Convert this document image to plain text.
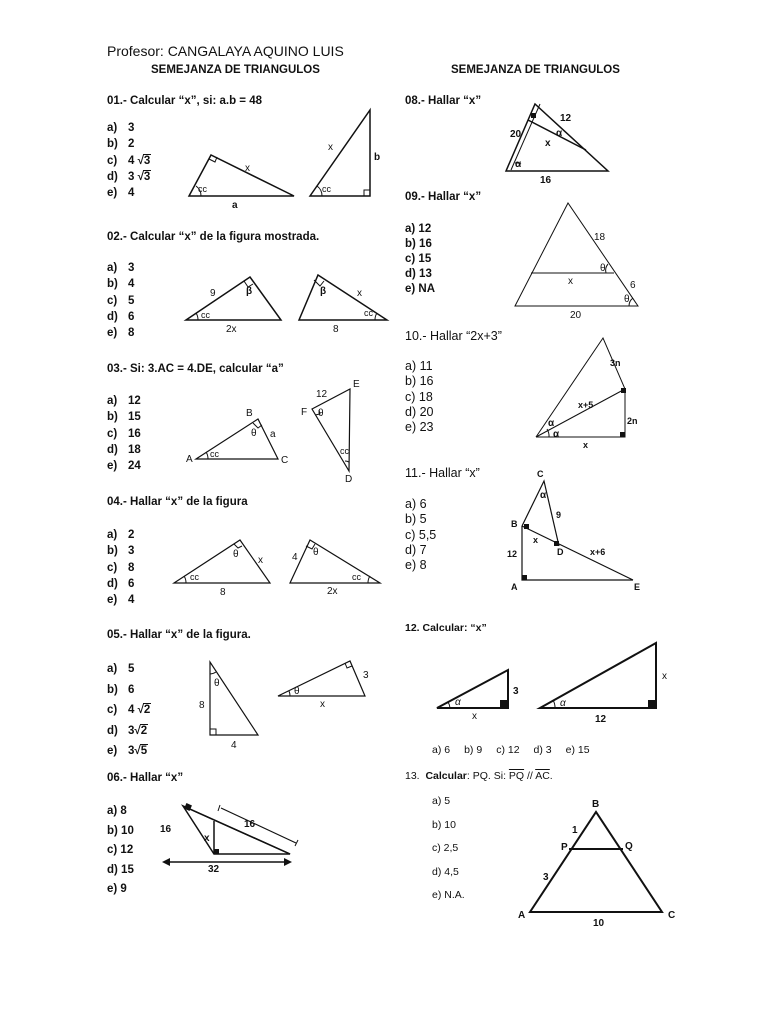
Profesor: CANGALAYA AQUINO LUIS
SEMEJANZA DE TRIANGULOS	SEMEJANZA DE TRIANGULOS
01.- Calcular “x”, si: a.b = 48
a) 3
b) 2
c) 4 √3
d) 3 √3
e) 4
x
cc
a
x
cc
b
02.- Calcular “x” de la figura mostrada.
a) 3
b) 4
c) 5
d) 6
e) 8
9	β
cc
2x
β	x
cc
8
03.- Si: 3.AC = 4.DE, calcular “a”
a) 12
b) 15
c) 16
d) 18
e) 24
A
B
C
a
θ
cc
12
E
F θ
cc
D
04.- Hallar “x” de la figura
a) 2
b) 3
c) 8
d) 6
e) 4
θ
x
cc
8
4 θ
cc
2x
05.- Hallar “x” de la figura.
a) 5
b) 6
c) 4 √2
d) 3√2
e) 3√5
θ
8
4
θ
3
x
06.- Hallar “x”
a) 8
b) 10
c) 12
d) 15
e) 9
16
x
16
32
08.- Hallar “x”
20
12
α
x
α
16
09.- Hallar “x”
a) 12
b) 16
c) 15
d) 13
e) NA
18
θ
x	6
θ
20
10.- Hallar “2x+3”
a) 11
b) 16
c) 18
d) 20
e) 23
3n
x+5
2n
α
α
x
11.- Hallar “x”
a) 6
b) 5
c) 5,5
d) 7
e) 8
C
α
9
B
x
D	x+6
12
A	E
12. Calcular: “x”
3
α
x
x
α
12
a) 6 b) 9 c) 12 d) 3 e) 15
13. Calcular: PQ. Si: $\overline{PQ} // \overline{AC}$.
a) 5
b) 10
c) 2,5
d) 4,5
e) N.A.
B
1
P	Q
3
A	C
10
